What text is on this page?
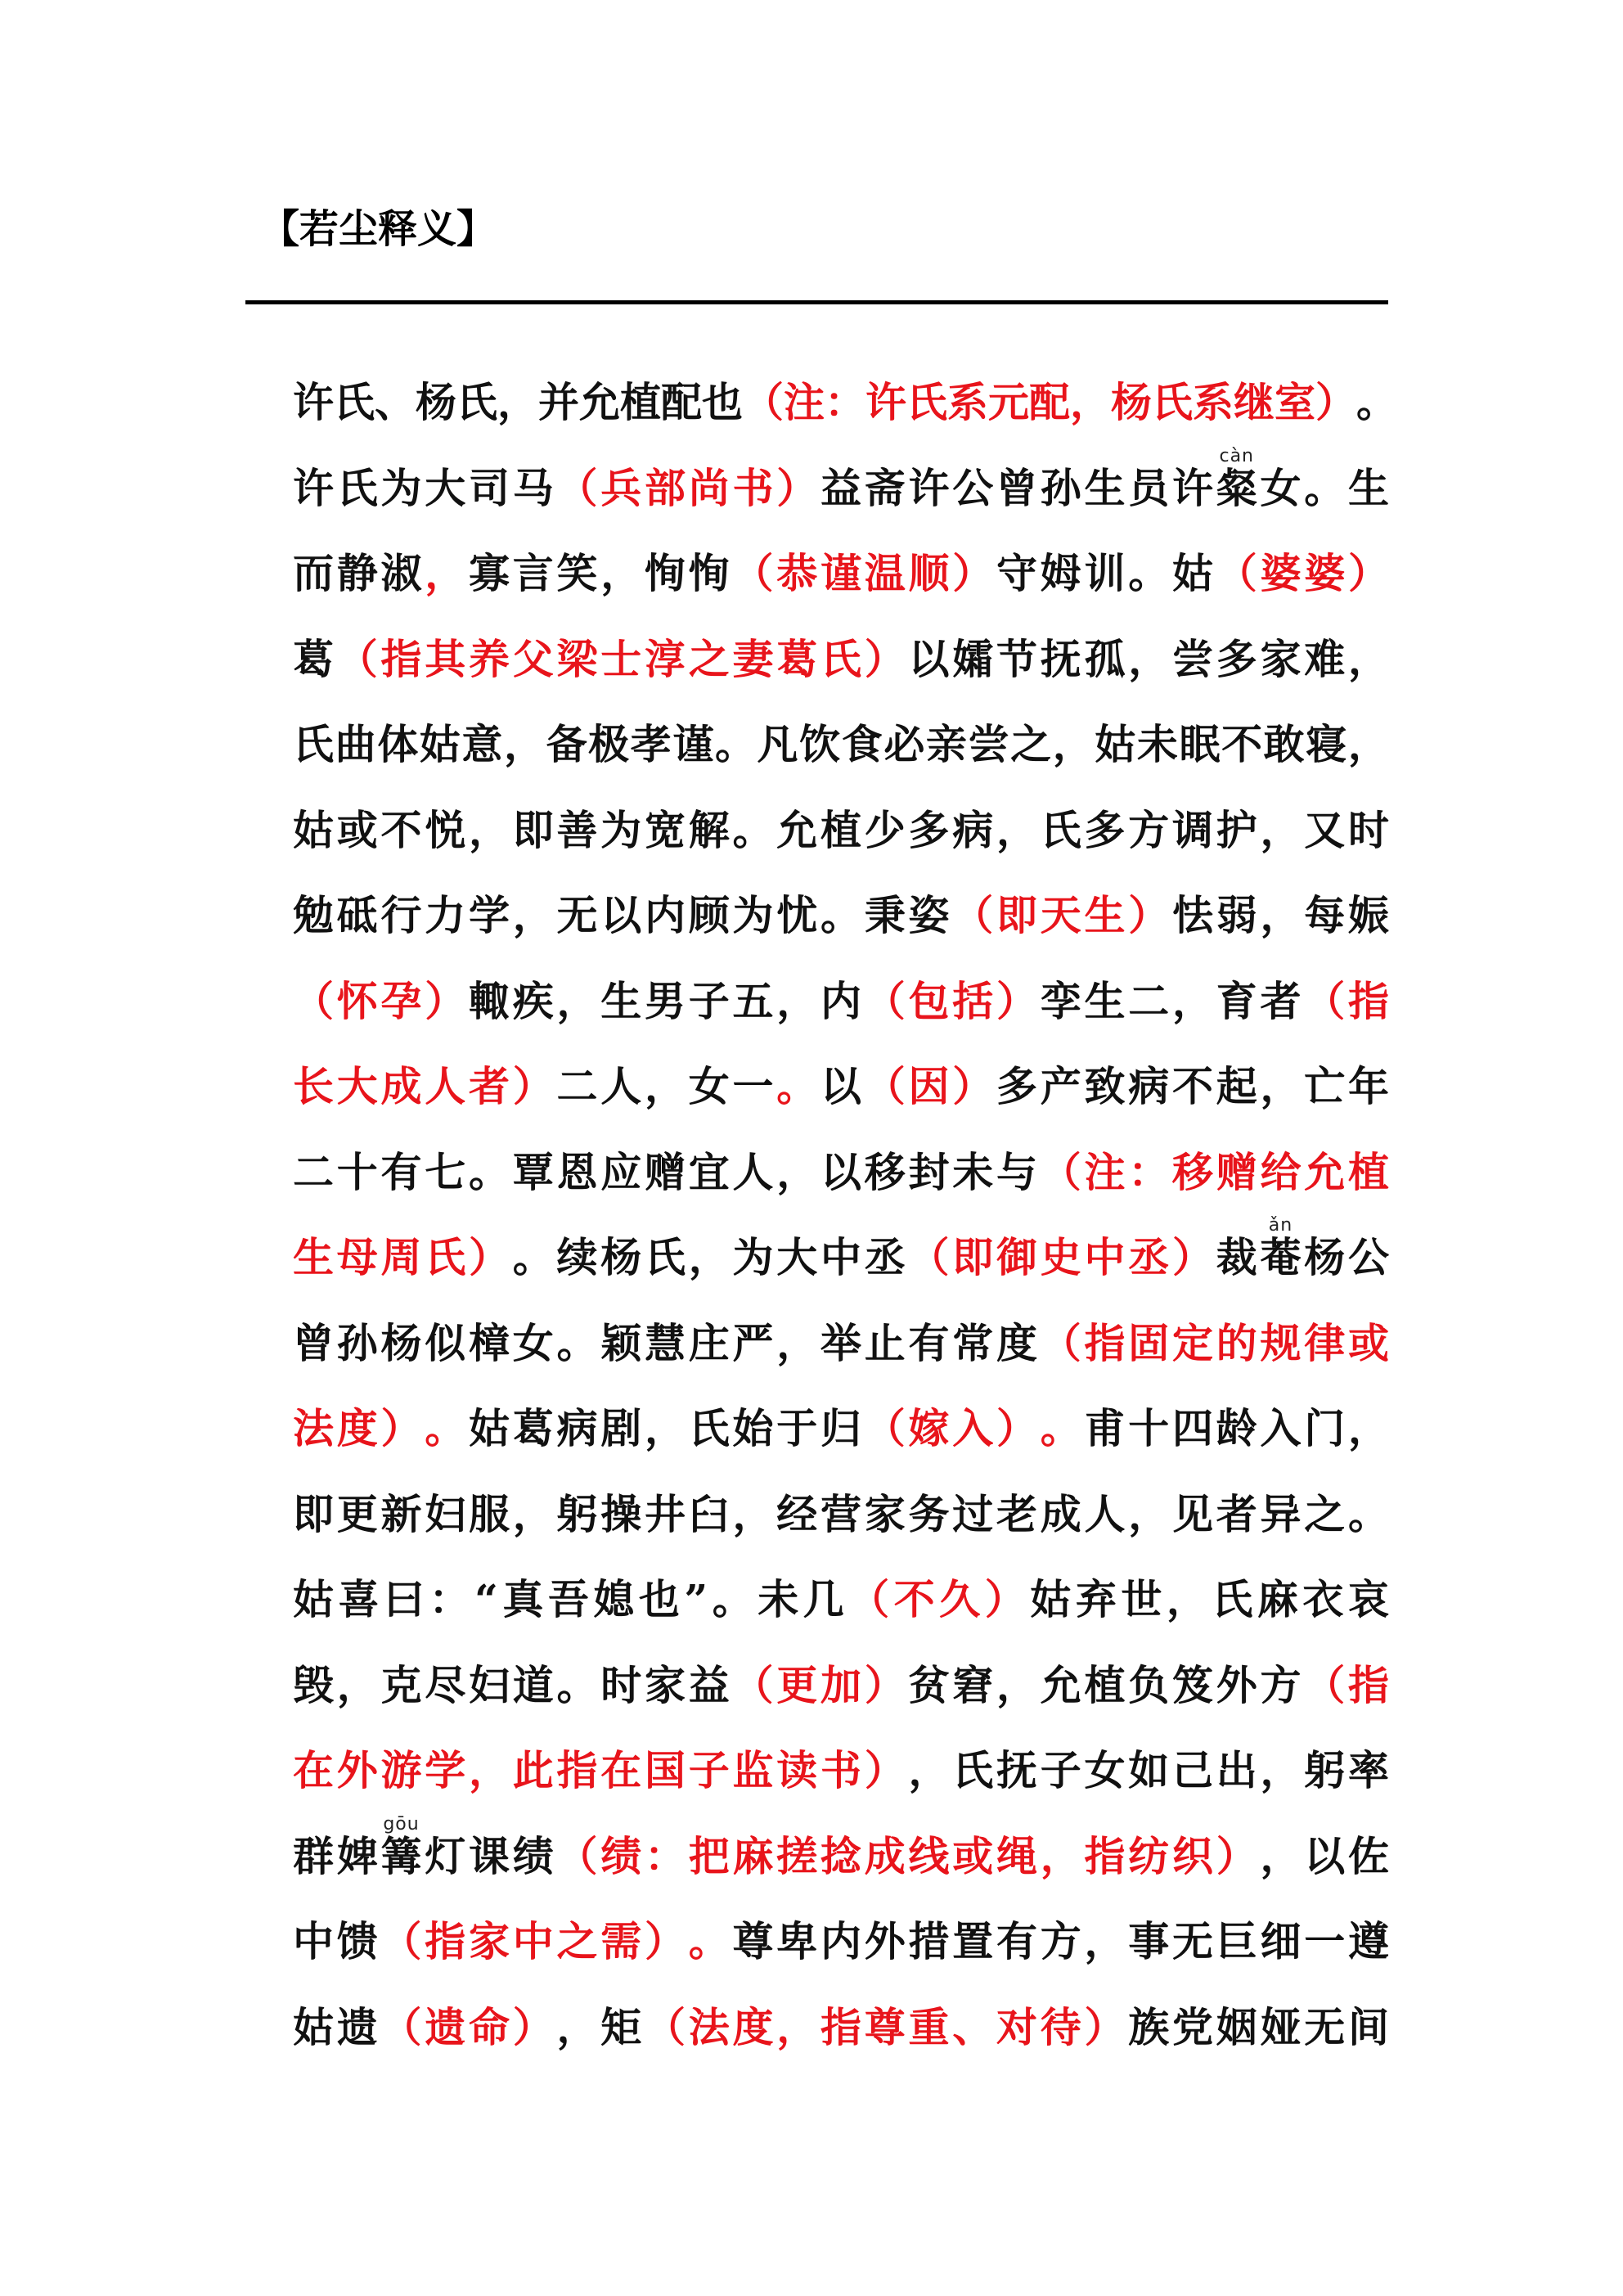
【若尘释义】
许 氏 、 杨 氏 ， 并 允 植 配 也 （ 注 ： 许 氏 系 元 配 ， 杨 氏 系 继 室 ） 。
许 氏 为 大 司 马 （ 兵 部 尚 书 ） 益 斋 许 公 曾 孙 生 员 许 粲càn
女 。 生
而 静 淑 ， 寡 言 笑 ， 恂 恂 （ 恭 谨 温 顺 ） 守 姆 训 。 姑 （ 婆 婆 ）
葛 （ 指 其 养 父 梁 士 淳 之 妻 葛 氏 ） 以 孀 节 抚 孤 ， 尝 多 家 难 ，
氏 曲 体 姑 意 ， 备 极 孝 谨 。 凡 饮 食 必 亲 尝 之 ， 姑 未 眠 不 敢 寝 ，
姑 或 不 悦 ， 即 善 为 宽 解 。 允 植 少 多 病 ， 氏 多 方 调 护 ， 又 时
勉 砥 行 力 学 ， 无 以 内 顾 为 忧 。 秉 姿 （ 即 天 生 ） 怯 弱 ， 每 娠
（ 怀 孕 ） 輙 疾 ， 生 男 子 五 ， 内 （ 包 括 ） 孪 生 二 ， 育 者 （ 指
长 大 成 人 者 ） 二 人 ， 女 一 。 以 （ 因 ） 多 产 致 病 不 起 ， 亡 年
二 十 有 七 。 覃 恩 应 赠 宜 人 ， 以 移 封 未 与 （ 注 ： 移 赠 给 允 植
生 母 周 氏 ） 。 续 杨 氏 ， 为 大 中 丞 （ 即 御 史 中 丞 ） 裁 菴ǎn
杨 公
曾 孙 杨 似 樟 女 。 颖 慧 庄 严 ， 举 止 有 常 度 （ 指 固 定 的 规 律 或
法 度 ） 。 姑 葛 病 剧 ， 氏 始 于 归 （ 嫁 入 ） 。 甫 十 四 龄 入 门 ，
即 更 新 妇 服 ， 躬 操 井 臼 ， 经 营 家 务 过 老 成 人 ， 见 者 异 之 。
姑 喜 曰 ： “ 真 吾 媳 也 ” 。 未 几 （ 不 久 ） 姑 弃 世 ， 氏 麻 衣 哀
毁 ， 克 尽 妇 道 。 时 家 益 （ 更 加 ） 贫 窘 ， 允 植 负 笈 外 方 （ 指
在 外 游 学 ， 此 指 在 国 子 监 读 书 ） ， 氏 抚 子 女 如 己 出 ， 躬 率
群 婢 篝gōu
灯 课 绩 （ 绩 ： 把 麻 搓 捻 成 线 或 绳 ， 指 纺 织 ） ， 以 佐
中 馈 （ 指 家 中 之 需 ） 。 尊 卑 内 外 措 置 有 方 ， 事 无 巨 细 一 遵
姑 遗 （ 遗 命 ） ， 矩 （ 法 度 ， 指 尊 重 、 对 待 ） 族 党 姻 娅 无 间
